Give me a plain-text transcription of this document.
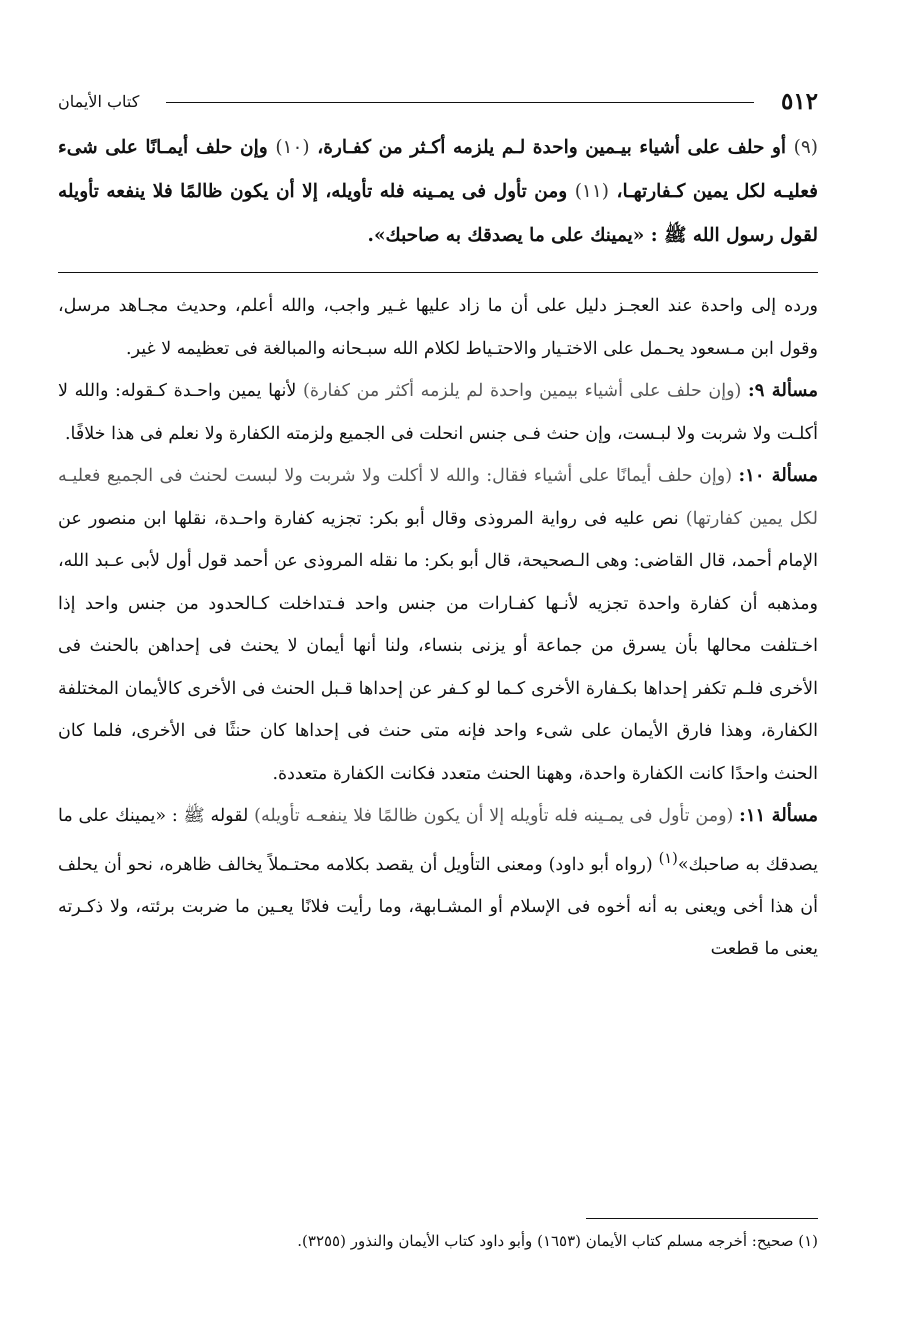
٥١٢
كتاب الأيمان
(٩) أو حلف على أشياء بيـمين واحدة لـم يلزمه أكـثر من كفـارة، (١٠) وإن حلف أيمـانًا على شىء فعليـه لكل يمين كـفارتهـا، (١١) ومن تأول فى يمـينه فله تأويله، إلا أن يكون ظالمًا فلا ينفعه تأويله لقول رسول الله ﷺ : «يمينك على ما يصدقك به صاحبك».

ورده إلى واحدة عند العجـز دليل على أن ما زاد عليها غـير واجب، والله أعلم، وحديث مجـاهد مرسل، وقول ابن مـسعود يحـمل على الاختـيار والاحتـياط لكلام الله سبـحانه والمبالغة فى تعظيمه لا غير.

مسألة ٩: (وإن حلف على أشياء بيمين واحدة لم يلزمه أكثر من كفارة) لأنها يمين واحـدة كـقوله: والله لا أكلـت ولا شربت ولا لبـست، وإن حنث فـى جنس انحلت فى الجميع ولزمته الكفارة ولا نعلم فى هذا خلافًا.

مسألة ١٠: (وإن حلف أيمانًا على أشياء فقال: والله لا أكلت ولا شربت ولا لبست لحنث فى الجميع فعليـه لكل يمين كفارتها) نص عليه فى رواية المروذى وقال أبو بكر: تجزيه كفارة واحـدة، نقلها ابن منصور عن الإمام أحمد، قال القاضى: وهى الـصحيحة، قال أبو بكر: ما نقله المروذى عن أحمد قول أول لأبى عـبد الله، ومذهبه أن كفارة واحدة تجزيه لأنـها كفـارات من جنس واحد فـتداخلت كـالحدود من جنس واحد إذا اخـتلفت محالها بأن يسرق من جماعة أو يزنى بنساء، ولنا أنها أيمان لا يحنث فى إحداهن بالحنث فى الأخرى فلـم تكفر إحداها بكـفارة الأخرى كـما لو كـفر عن إحداها قـبل الحنث فى الأخرى كالأيمان المختلفة الكفارة، وهذا فارق الأيمان على شىء واحد فإنه متى حنث فى إحداها كان حنثًا فى الأخرى، فلما كان الحنث واحدًا كانت الكفارة واحدة، وههنا الحنث متعدد فكانت الكفارة متعددة.

مسألة ١١: (ومن تأول فى يمـينه فله تأويله إلا أن يكون ظالمًا فلا ينفعـه تأويله) لقوله ﷺ : «يمينك على ما يصدقك به صاحبك»$^{(١)}$ (رواه أبو داود) ومعنى التأويل أن يقصد بكلامه محتـملاً يخالف ظاهره، نحو أن يحلف أن هذا أخى ويعنى به أنه أخوه فى الإسلام أو المشـابهة، وما رأيت فلانًا يعـين ما ضربت برئته، ولا ذكـرته يعنى ما قطعت

(١) صحيح: أخرجه مسلم كتاب الأيمان (١٦٥٣) وأبو داود كتاب الأيمان والنذور (٣٢٥٥).
